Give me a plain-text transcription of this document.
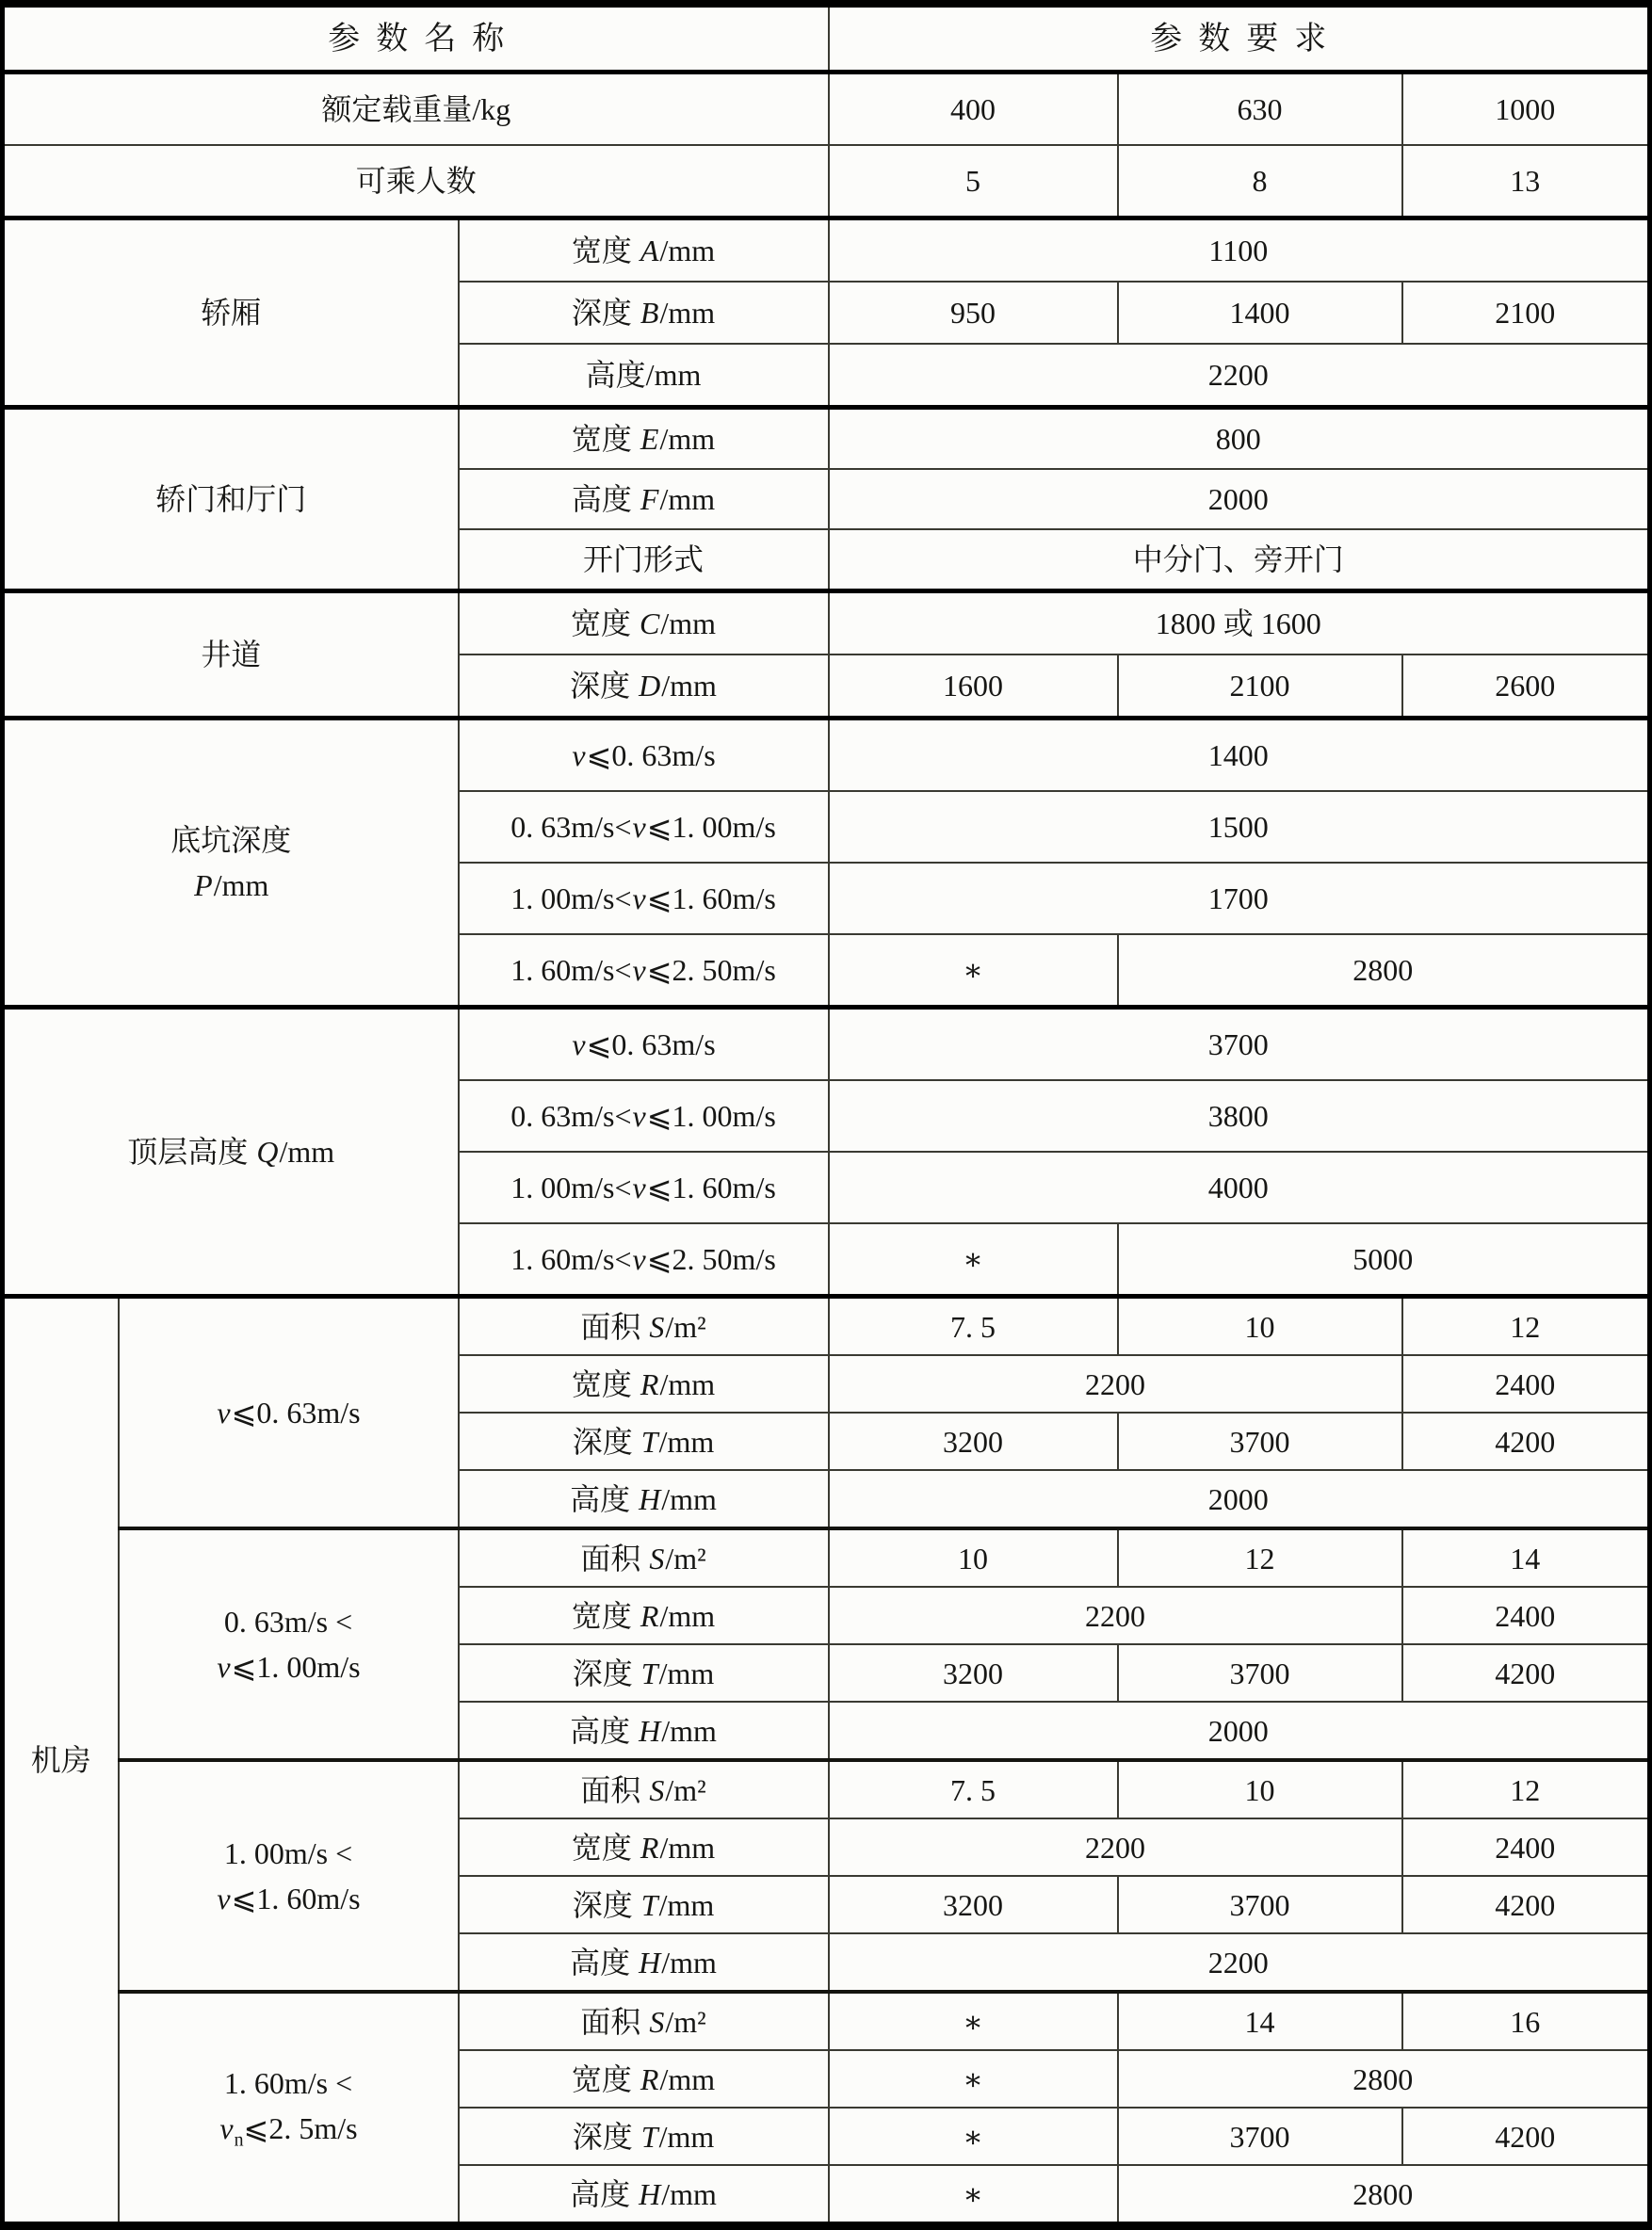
参数名称			参数要求		
额定载重量/kg			400	630	1000
可乘人数			5	8	13
轿厢		宽度 A/mm	1100		
		深度 B/mm	950	1400	2100
		高度/mm	2200		
轿门和厅门		宽度 E/mm	800		
		高度 F/mm	2000		
		开门形式	中分门、旁开门		
井道		宽度 C/mm	1800 或 1600		
		深度 D/mm	1600	2100	2600
底坑深度
P/mm		v⩽0. 63m/s	1400		
		0. 63m/s<v⩽1. 00m/s	1500		
		1. 00m/s<v⩽1. 60m/s	1700		
		1. 60m/s<v⩽2. 50m/s	∗	2800	
顶层高度 Q/mm		v⩽0. 63m/s	3700		
		0. 63m/s<v⩽1. 00m/s	3800		
		1. 00m/s<v⩽1. 60m/s	4000		
		1. 60m/s<v⩽2. 50m/s	∗	5000	
机房	v⩽0. 63m/s	面积 S/m²	7. 5	10	12
		宽度 R/mm	2200		2400
		深度 T/mm	3200	3700	4200
		高度 H/mm	2000		
	0. 63m/s <
v⩽1. 00m/s	面积 S/m²	10	12	14
		宽度 R/mm	2200		2400
		深度 T/mm	3200	3700	4200
		高度 H/mm	2000		
	1. 00m/s <
v⩽1. 60m/s	面积 S/m²	7. 5	10	12
		宽度 R/mm	2200		2400
		深度 T/mm	3200	3700	4200
		高度 H/mm	2200		
	1. 60m/s <
$v_n⩽2$. 5m/s	面积 S/m²	∗	14	16
		宽度 R/mm	∗	2800	
		深度 T/mm	∗	3700	4200
		高度 H/mm	∗	2800	
